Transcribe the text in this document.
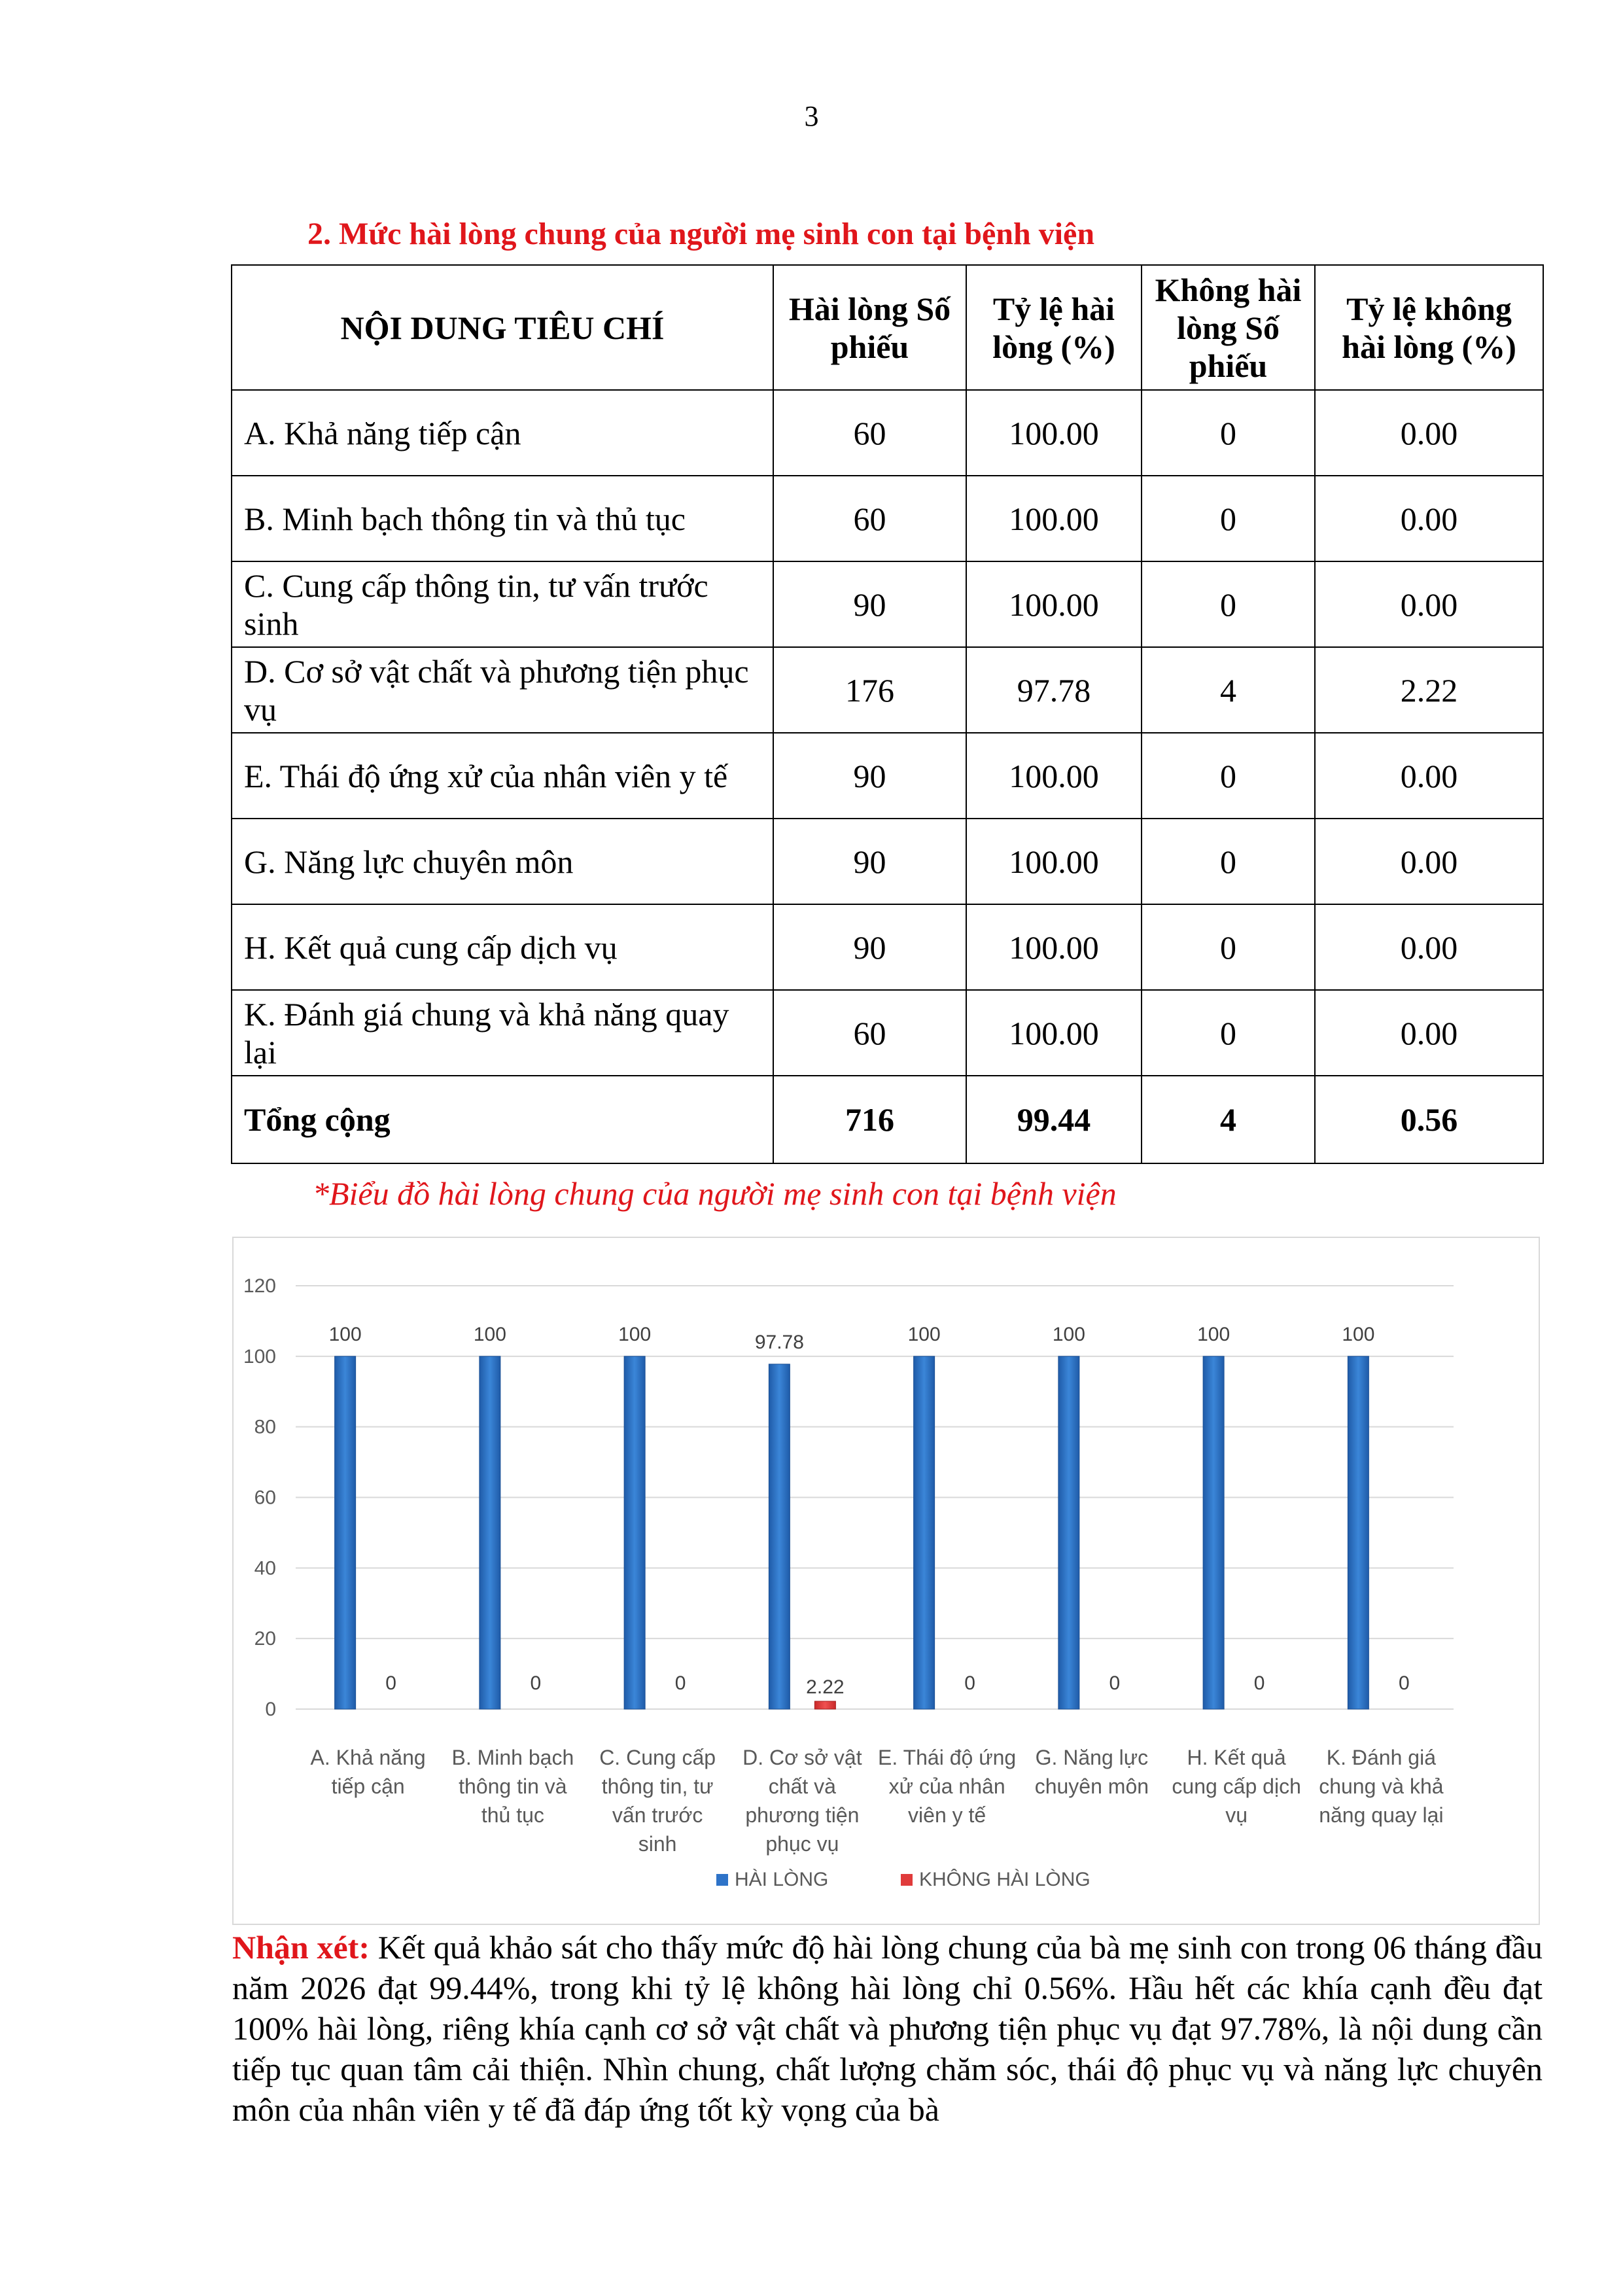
3
2. Mức hài lòng chung của người mẹ sinh con tại bệnh viện
NỘI DUNG TIÊU CHÍ	Hài lòng Số phiếu	Tỷ lệ hài lòng (%)	Không hài lòng Số phiếu	Tỷ lệ không hài lòng (%)
A. Khả năng tiếp cận	60	100.00	0	0.00
B. Minh bạch thông tin và thủ tục	60	100.00	0	0.00
C. Cung cấp thông tin, tư vấn trước sinh	90	100.00	0	0.00
D. Cơ sở vật chất và phương tiện phục vụ	176	97.78	4	2.22
E. Thái độ ứng xử của nhân viên y tế	90	100.00	0	0.00
G. Năng lực chuyên môn	90	100.00	0	0.00
H. Kết quả cung cấp dịch vụ	90	100.00	0	0.00
K. Đánh giá chung và khả năng quay lại	60	100.00	0	0.00
Tổng cộng	716	99.44	4	0.56
*Biểu đồ hài lòng chung của người mẹ sinh con tại bệnh viện
0
20
40
60
80
100
120
100
0
A. Khả năng
tiếp cận
100
0
B. Minh bạch
thông tin và
thủ tục
100
0
C. Cung cấp
thông tin, tư
vấn trước
sinh
97.78
2.22
D. Cơ sở vật
chất và
phương tiện
phục vụ
100
0
E. Thái độ ứng
xử của nhân
viên y tế
100
0
G. Năng lực
chuyên môn
100
0
H. Kết quả
cung cấp dịch
vụ
100
0
K. Đánh giá
chung và khả
năng quay lại
HÀI LÒNG	KHÔNG HÀI LÒNG
Nhận xét: Kết quả khảo sát cho thấy mức độ hài lòng chung của bà mẹ sinh con trong 06 tháng đầu năm 2026 đạt 99.44%, trong khi tỷ lệ không hài lòng chỉ 0.56%. Hầu hết các khía cạnh đều đạt 100% hài lòng, riêng khía cạnh cơ sở vật chất và phương tiện phục vụ đạt 97.78%, là nội dung cần tiếp tục quan tâm cải thiện. Nhìn chung, chất lượng chăm sóc, thái độ phục vụ và năng lực chuyên môn của nhân viên y tế đã đáp ứng tốt kỳ vọng của bà
